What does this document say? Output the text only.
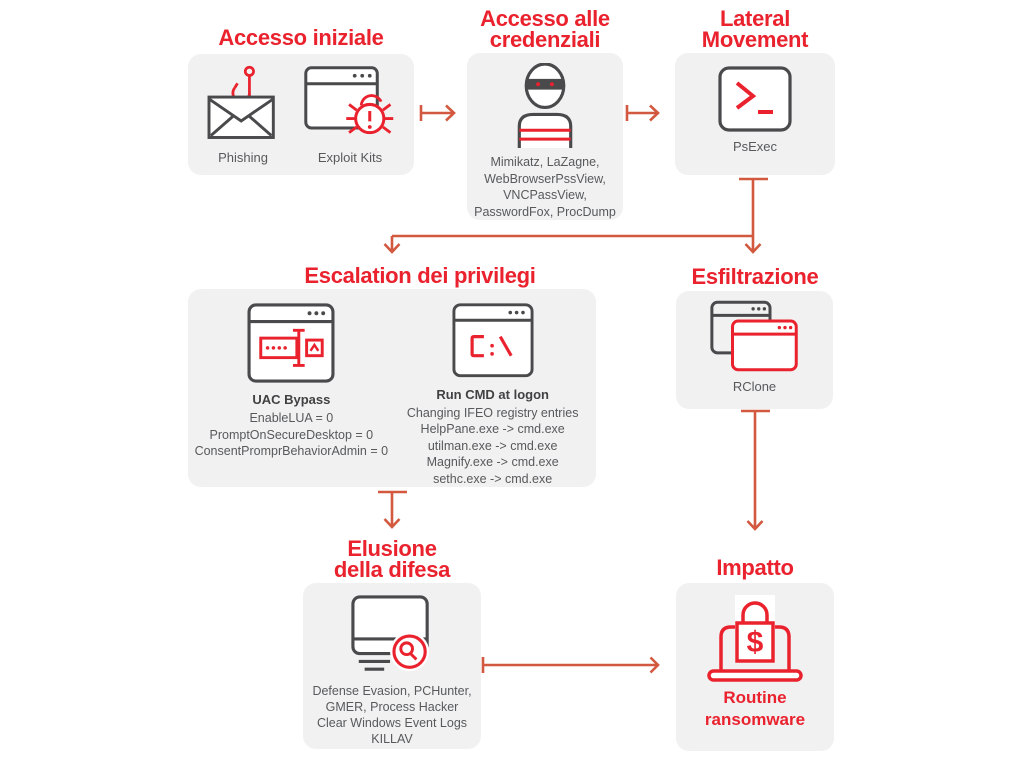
Accesso iniziale
Accesso alle
credenziali
Lateral
Movement
Escalation dei privilegi	Esfiltrazione
Elusione
della difesa	Impatto
Phishing	Exploit Kits	Mimikatz, LaZagne,
WebBrowserPssView,
VNCPassView,
PasswordFox, ProcDump
PsExec
UAC Bypass
EnableLUA = 0
PromptOnSecureDesktop = 0
ConsentPromprBehaviorAdmin = 0
Run CMD at logon
Changing IFEO registry entries
HelpPane.exe -> cmd.exe
utilman.exe -> cmd.exe
Magnify.exe -> cmd.exe
sethc.exe -> cmd.exe
RClone
Defense Evasion, PCHunter,
GMER, Process Hacker
Clear Windows Event Logs
KILLAV
$
Routine
ransomware
